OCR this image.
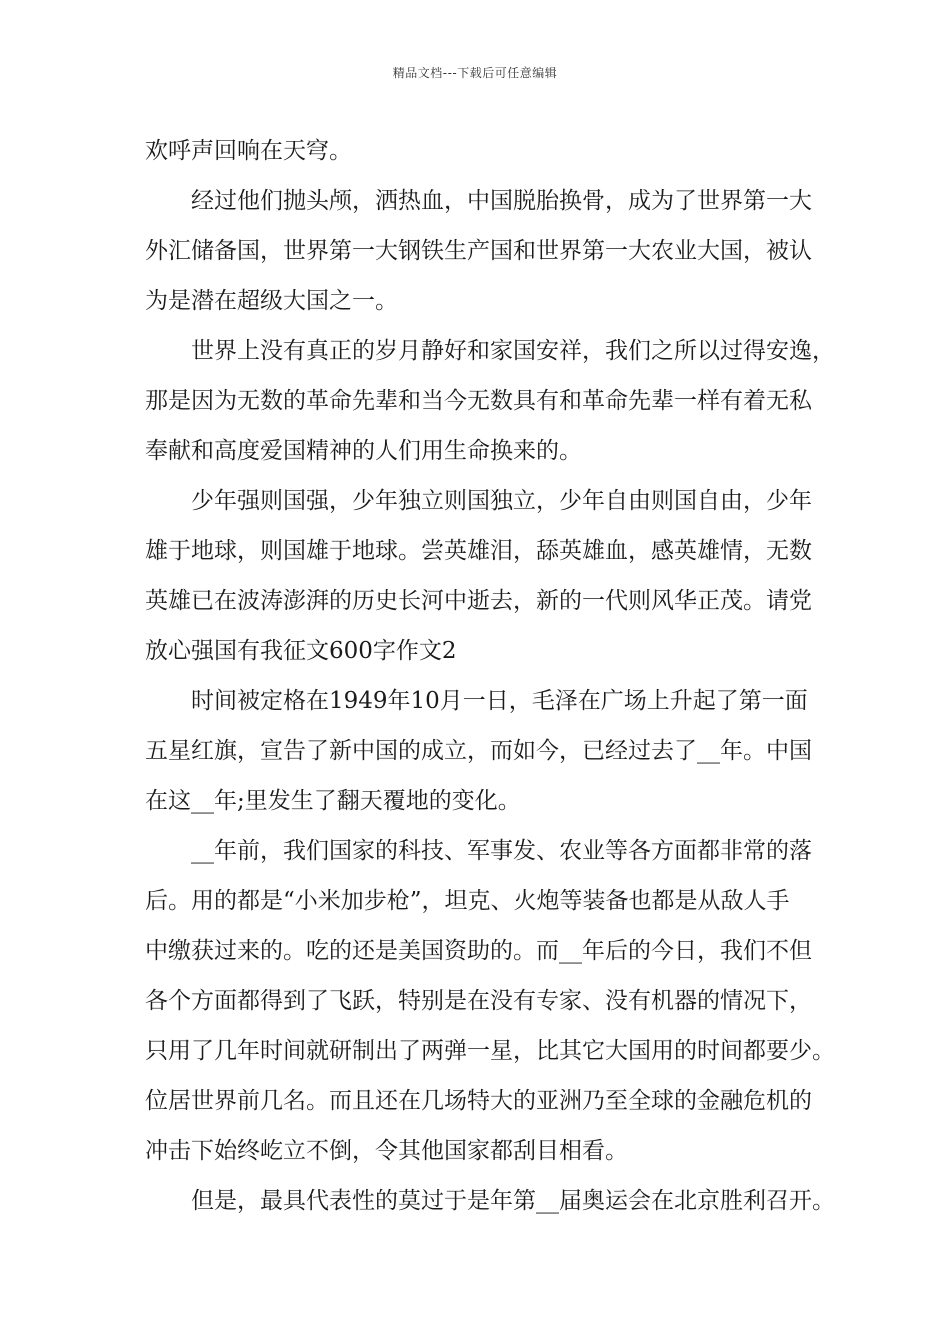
精品文档---下载后可任意编辑
欢呼声回响在天穹。
经过他们抛头颅，洒热血，中国脱胎换骨，成为了世界第一大
外汇储备国，世界第一大钢铁生产国和世界第一大农业大国，被认
为是潜在超级大国之一。
世界上没有真正的岁月静好和家国安祥，我们之所以过得安逸，
那是因为无数的革命先辈和当今无数具有和革命先辈一样有着无私
奉献和高度爱国精神的人们用生命换来的。
少年强则国强，少年独立则国独立，少年自由则国自由，少年
雄于地球，则国雄于地球。尝英雄泪，舔英雄血，感英雄情，无数
英雄已在波涛澎湃的历史长河中逝去，新的一代则风华正茂。请党
放心强国有我征文600字作文2
时间被定格在1949年10月一日，毛泽在广场上升起了第一面
五星红旗，宣告了新中国的成立，而如今，已经过去了__年。中国
在这__年;里发生了翻天覆地的变化。
__年前，我们国家的科技、军事发、农业等各方面都非常的落
后。用的都是“小米加步枪”，坦克、火炮等装备也都是从敌人手
中缴获过来的。吃的还是美国资助的。而__年后的今日，我们不但
各个方面都得到了飞跃，特别是在没有专家、没有机器的情况下，
只用了几年时间就研制出了两弹一星，比其它大国用的时间都要少。
位居世界前几名。而且还在几场特大的亚洲乃至全球的金融危机的
冲击下始终屹立不倒，令其他国家都刮目相看。
但是，最具代表性的莫过于是年第__届奥运会在北京胜利召开。
